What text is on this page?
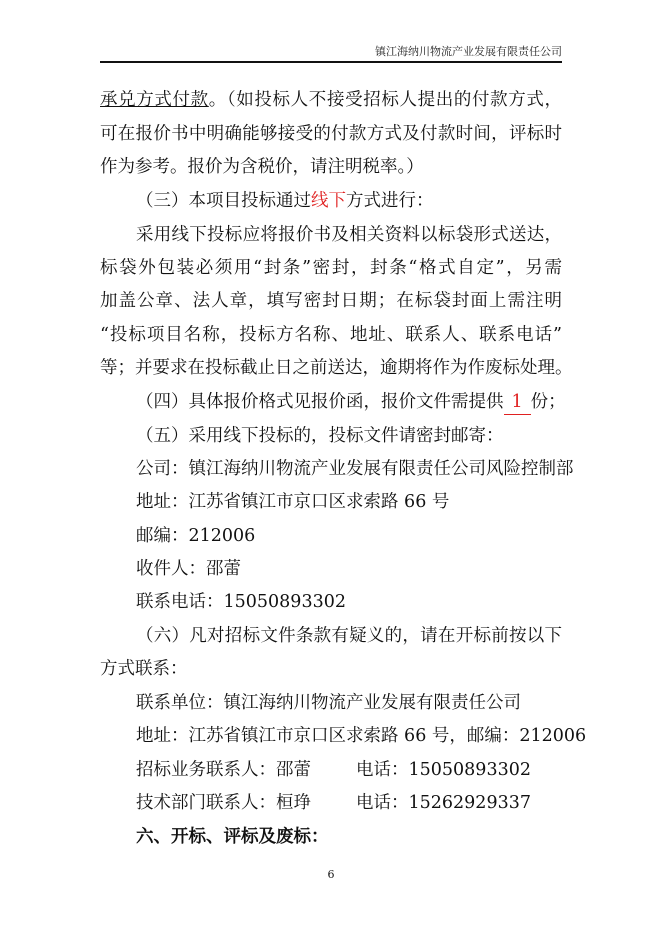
镇江海纳川物流产业发展有限责任公司
承兑方式付款。（如投标人不接受招标人提出的付款方式，
可在报价书中明确能够接受的付款方式及付款时间，评标时
作为参考。报价为含税价，请注明税率。）
（三）本项目投标通过线下方式进行：
采用线下投标应将报价书及相关资料以标袋形式送达，
标袋外包装必须用“封条”密封，封条“格式自定”，另需
加盖公章、法人章，填写密封日期；在标袋封面上需注明
“投标项目名称，投标方名称、地址、联系人、联系电话”
等；并要求在投标截止日之前送达，逾期将作为作废标处理。
（四）具体报价格式见报价函，报价文件需提供 1 份；
（五）采用线下投标的，投标文件请密封邮寄：
公司：镇江海纳川物流产业发展有限责任公司风险控制部
地址：江苏省镇江市京口区求索路 66 号
邮编：212006
收件人：邵蕾
联系电话：15050893302
（六）凡对招标文件条款有疑义的，请在开标前按以下
方式联系：
联系单位：镇江海纳川物流产业发展有限责任公司
地址：江苏省镇江市京口区求索路 66 号，邮编：212006
招标业务联系人：邵蕾	电话：15050893302
技术部门联系人：桓琤	电话：15262929337
六、开标、评标及废标：
6
